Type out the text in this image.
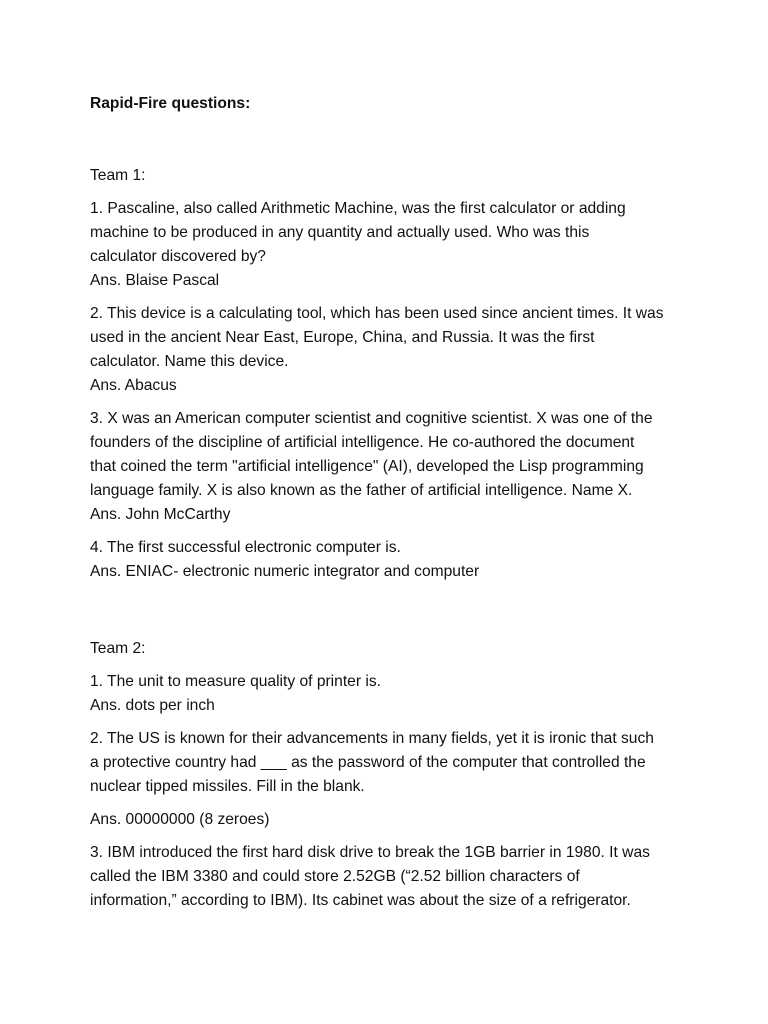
Rapid-Fire questions:

Team 1:

1. Pascaline, also called Arithmetic Machine, was the first calculator or adding
machine to be produced in any quantity and actually used. Who was this
calculator discovered by?
Ans. Blaise Pascal
2. This device is a calculating tool, which has been used since ancient times. It was
used in the ancient Near East, Europe, China, and Russia. It was the first
calculator. Name this device.
Ans. Abacus
3. X was an American computer scientist and cognitive scientist. X was one of the
founders of the discipline of artificial intelligence. He co-authored the document
that coined the term "artificial intelligence" (AI), developed the Lisp programming
language family. X is also known as the father of artificial intelligence. Name X.
Ans. John McCarthy
4. The first successful electronic computer is.
Ans. ENIAC- electronic numeric integrator and computer

Team 2:

1. The unit to measure quality of printer is.
Ans. dots per inch
2. The US is known for their advancements in many fields, yet it is ironic that such
a protective country had ___ as the password of the computer that controlled the
nuclear tipped missiles. Fill in the blank.
Ans. 00000000 (8 zeroes)
3. IBM introduced the first hard disk drive to break the 1GB barrier in 1980. It was
called the IBM 3380 and could store 2.52GB (“2.52 billion characters of
information,” according to IBM). Its cabinet was about the size of a refrigerator.
